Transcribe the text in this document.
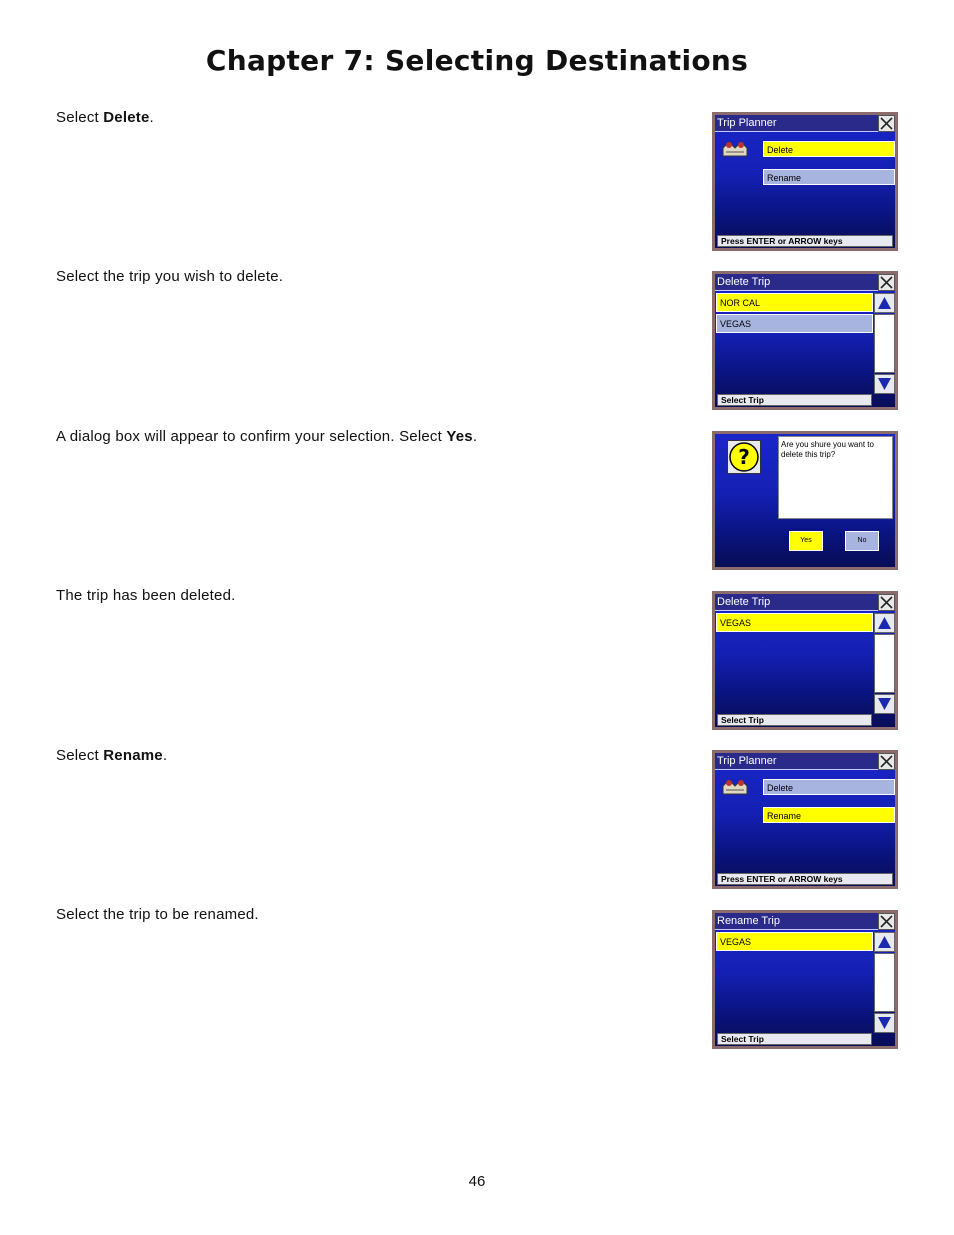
Chapter 7: Selecting Destinations
Select Delete.
Select the trip you wish to delete.
A dialog box will appear to confirm your selection. Select Yes.
The trip has been deleted.
Select Rename.
Select the trip to be renamed.
Trip Planner
Delete
Rename
Press ENTER or ARROW keys
Delete Trip
NOR CAL
VEGAS
Select Trip
?
Are you shure you want to delete this trip?
Yes	No
Delete Trip
VEGAS
Select Trip
Trip Planner
Delete
Rename
Press ENTER or ARROW keys
Rename Trip
VEGAS
Select Trip
46
